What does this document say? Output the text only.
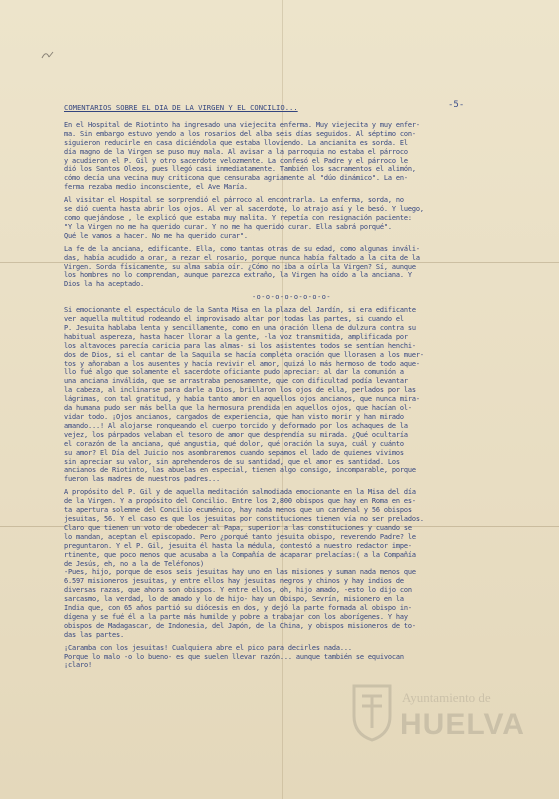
-5-
COMENTARIOS SOBRE EL DIA DE LA VIRGEN Y EL CONCILIO...
En el Hospital de Riotinto ha ingresado una viejecita enferma. Muy viejecita y muy enfer-
ma. Sin embargo estuvo yendo a los rosarios del alba seis días seguidos. Al séptimo con-
siguieron reducirle en casa diciéndola que estaba lloviendo. La ancianita es sorda. El
día magno de la Virgen se puso muy mala. Al avisar a la parroquia no estaba el párroco
y acudieron el P. Gil y otro sacerdote velozmente. La confesó el Padre y el párroco le
dió los Santos Oleos, pues llegó casi inmediatamente. También los sacramentos el alimón,
cómo decía una vecina muy criticona que censuraba agriamente al "dúo dinámico". La en-
ferma rezaba medio inconsciente, el Ave María.
Al visitar el Hospital se sorprendió el párroco al encontrarla. La enferma, sorda, no
se dió cuenta hasta abrir los ojos. Al ver al sacerdote, lo atrajo así y le besó. Y luego,
como quejándose , le explicó que estaba muy malita. Y repetía con resignación paciente:
"Y la Virgen no me ha querido curar. Y no me ha querido curar. Ella sabrá porqué".
Qué le vamos a hacer. No me ha querido curar".
La fe de la anciana, edificante. Ella, como tantas otras de su edad, como algunas inváli-
das, había acudido a orar, a rezar el rosario, porque nunca había faltado a la cita de la
Virgen. Sorda físicamente, su alma sabía oír. ¿Cómo no iba a oírla la Virgen? Sí, aunque
los hombres no lo comprendan, aunque parezca extraño, la Virgen ha oído a la anciana. Y
Dios la ha aceptado.
-o-o-o-o-o-o-o-o-
Si emocionante el espectáculo de la Santa Misa en la plaza del Jardín, si era edificante
ver aquella multitud rodeando el improvisado altar por todas las partes, si cuando el
P. Jesuita hablaba lenta y sencillamente, como en una oración llena de dulzura contra su
habitual aspereza, hasta hacer llorar a la gente, -la voz transmitida, amplificada por
los altavoces parecía caricia para las almas- si los asistentes todos se sentían henchi-
dos de Dios, si el cantar de la Saquila se hacía completa oración que llorasen a los muer-
tos y añoraban a los ausentes y hacía revivir el amor, quizá lo más hermoso de todo aque-
llo fué algo que solamente el sacerdote oficiante pudo apreciar: al dar la comunión a
una anciana inválida, que se arrastraba penosamente, que con dificultad podía levantar
la cabeza, al inclinarse para darle a Dios, brillaron los ojos de ella, perlados por las
lágrimas, con tal gratitud, y había tanto amor en aquellos ojos ancianos, que nunca mira-
da humana pudo ser más bella que la hermosura prendida en aquellos ojos, que hacían ol-
vidar todo. ¡Ojos ancianos, cargados de experiencia, que han visto morir y han mirado
amando...! Al alojarse ronqueando el cuerpo torcido y deformado por los achaques de la
vejez, los párpados velaban el tesoro de amor que desprendía su mirada. ¿Qué ocultaría
el corazón de la anciana, qué angustia, qué dolor, qué oración la suya, cuál y cuánto
su amor? El Día del Juicio nos asombraremos cuando sepamos el lado de quienes vivimos
sin apreciar su valor, sin aprehenderos de su santidad, que el amor es santidad. Los
ancianos de Riotinto, las abuelas en especial, tienen algo consigo, incomparable, porque
fueron las madres de nuestros padres...
A propósito del P. Gil y de aquella meditación salmodiada emocionante en la Misa del día
de la Virgen. Y a propósito del Concilio. Entre los 2,800 obispos que hay en Roma en es-
ta apertura solemne del Concilio ecuménico, hay nada menos que un cardenal y 56 obispos
jesuitas, 56. Y el caso es que los jesuitas por constituciones tienen vía no ser prelados.
Claro que tienen un voto de obedecer al Papa, superior a las constituciones y cuando se
lo mandan, aceptan el episcopado. Pero ¿porqué tanto jesuita obispo, reverendo Padre? le
preguntaron. Y el P. Gil, jesuita él hasta la médula, contestó a nuestro redactor impe-
rtinente, que poco menos que acusaba a la Compañía de acaparar prelacías:( a la Compañía
de Jesús, eh, no a la de Teléfonos)
-Pues, hijo, porque de esos seis jesuitas hay uno en las misiones y suman nada menos que
6.597 misioneros jesuitas, y entre ellos hay jesuitas negros y chinos y hay indios de
diversas razas, que ahora son obispos. Y entre ellos, oh, hijo amado, -esto lo dijo con
sarcasmo, la verdad, lo de amado y lo de hijo- hay un Obispo, Sevrín, misionero en la
India que, con 65 años partió su diócesis en dos, y dejó la parte formada al obispo in-
dígena y se fué él a la parte más humilde y pobre a trabajar con los aborígenes. Y hay
obispos de Madagascar, de Indonesia, del Japón, de la China, y obispos misioneros de to-
das las partes.
¡Caramba con los jesuitas! Cualquiera abre el pico para decirles nada...
Porque lo malo -o lo bueno- es que suelen llevar razón... aunque también se equivocan
¡claro!
Ayuntamiento de
HUELVA
